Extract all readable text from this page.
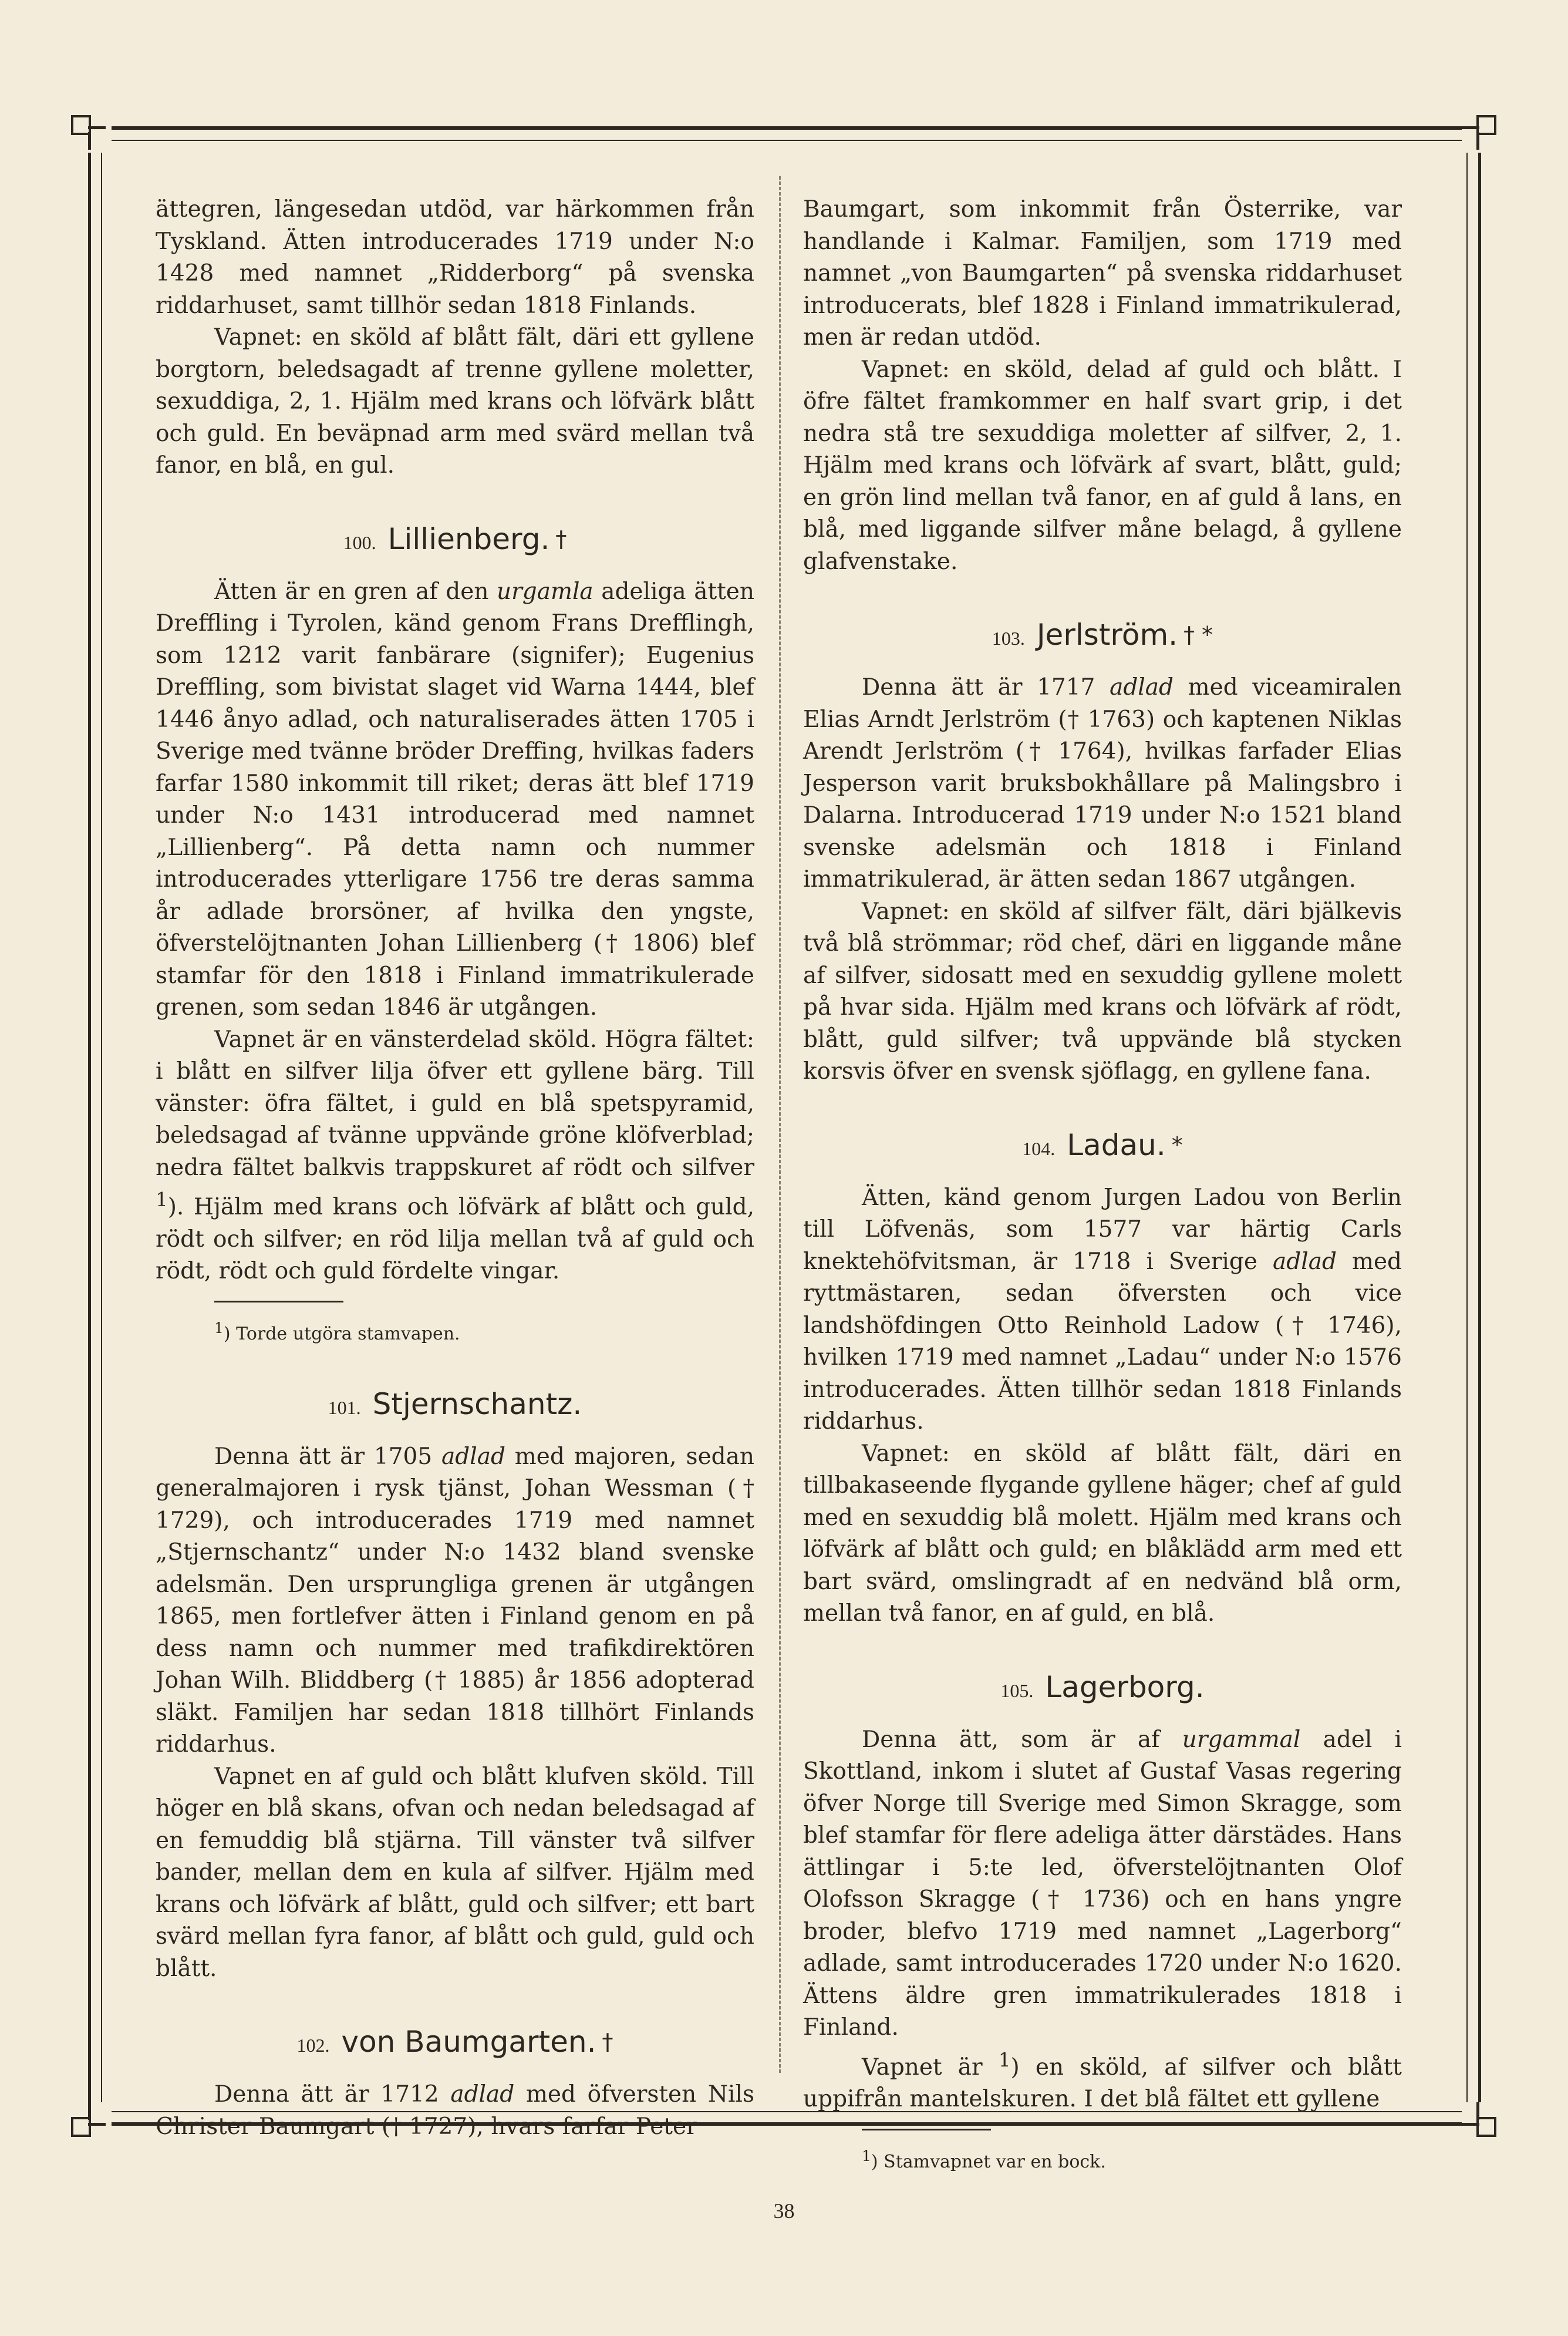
ättegren, längesedan utdöd, var härkommen från Tyskland. Ätten introducerades 1719 under N:o 1428 med namnet „Ridderborg“ på svenska riddarhuset, samt tillhör sedan 1818 Finlands.

Vapnet: en sköld af blått fält, däri ett gyllene borgtorn, beledsagadt af trenne gyllene moletter, sexuddiga, 2, 1. Hjälm med krans och löfvärk blått och guld. En beväpnad arm med svärd mellan två fanor, en blå, en gul.

100. Lillienberg. †

Ätten är en gren af den urgamla adeliga ätten Dreffling i Tyrolen, känd genom Frans Drefflingh, som 1212 varit fanbärare (signifer); Eugenius Dreffling, som bivistat slaget vid Warna 1444, blef 1446 ånyo adlad, och naturaliserades ätten 1705 i Sverige med tvänne bröder Dreffing, hvilkas faders farfar 1580 inkommit till riket; deras ätt blef 1719 under N:o 1431 introducerad med namnet „Lillienberg“. På detta namn och nummer introducerades ytterligare 1756 tre deras samma år adlade brorsöner, af hvilka den yngste, öfverstelöjtnanten Johan Lillienberg († 1806) blef stamfar för den 1818 i Finland immatrikulerade grenen, som sedan 1846 är utgången.

Vapnet är en vänsterdelad sköld. Högra fältet: i blått en silfver lilja öfver ett gyllene bärg. Till vänster: öfra fältet, i guld en blå spetspyramid, beledsagad af tvänne uppvände gröne klöfverblad; nedra fältet balkvis trappskuret af rödt och silfver $^1$). Hjälm med krans och löfvärk af blått och guld, rödt och silfver; en röd lilja mellan två af guld och rödt, rödt och guld fördelte vingar.

$^1$) Torde utgöra stamvapen.
101. Stjernschantz.

Denna ätt är 1705 adlad med majoren, sedan generalmajoren i rysk tjänst, Johan Wessman († 1729), och introducerades 1719 med namnet „Stjernschantz“ under N:o 1432 bland svenske adelsmän. Den ursprungliga grenen är utgången 1865, men fortlefver ätten i Finland genom en på dess namn och nummer med trafikdirektören Johan Wilh. Bliddberg († 1885) år 1856 adopterad släkt. Familjen har sedan 1818 tillhört Finlands riddarhus.

Vapnet en af guld och blått klufven sköld. Till höger en blå skans, ofvan och nedan beledsagad af en femuddig blå stjärna. Till vänster två silfver bander, mellan dem en kula af silfver. Hjälm med krans och löfvärk af blått, guld och silfver; ett bart svärd mellan fyra fanor, af blått och guld, guld och blått.

102. von Baumgarten. †

Denna ätt är 1712 adlad med öfversten Nils Christer Baumgart († 1727), hvars farfar Peter

Baumgart, som inkommit från Österrike, var handlande i Kalmar. Familjen, som 1719 med namnet „von Baumgarten“ på svenska riddarhuset introducerats, blef 1828 i Finland immatrikulerad, men är redan utdöd.

Vapnet: en sköld, delad af guld och blått. I öfre fältet framkommer en half svart grip, i det nedra stå tre sexuddiga moletter af silfver, 2, 1. Hjälm med krans och löfvärk af svart, blått, guld; en grön lind mellan två fanor, en af guld å lans, en blå, med liggande silfver måne belagd, å gyllene glafvenstake.

103. Jerlström. † *

Denna ätt är 1717 adlad med viceamiralen Elias Arndt Jerlström († 1763) och kaptenen Niklas Arendt Jerlström († 1764), hvilkas farfader Elias Jesperson varit bruksbokhållare på Malingsbro i Dalarna. Introducerad 1719 under N:o 1521 bland svenske adelsmän och 1818 i Finland immatrikulerad, är ätten sedan 1867 utgången.

Vapnet: en sköld af silfver fält, däri bjälkevis två blå strömmar; röd chef, däri en liggande måne af silfver, sidosatt med en sexuddig gyllene molett på hvar sida. Hjälm med krans och löfvärk af rödt, blått, guld silfver; två uppvände blå stycken korsvis öfver en svensk sjöflagg, en gyllene fana.

104. Ladau. *

Ätten, känd genom Jurgen Ladou von Berlin till Löfvenäs, som 1577 var härtig Carls knektehöfvitsman, är 1718 i Sverige adlad med ryttmästaren, sedan öfversten och vice landshöfdingen Otto Reinhold Ladow († 1746), hvilken 1719 med namnet „Ladau“ under N:o 1576 introducerades. Ätten tillhör sedan 1818 Finlands riddarhus.

Vapnet: en sköld af blått fält, däri en tillbakaseende flygande gyllene häger; chef af guld med en sexuddig blå molett. Hjälm med krans och löfvärk af blått och guld; en blåklädd arm med ett bart svärd, omslingradt af en nedvänd blå orm, mellan två fanor, en af guld, en blå.

105. Lagerborg.

Denna ätt, som är af urgammal adel i Skottland, inkom i slutet af Gustaf Vasas regering öfver Norge till Sverige med Simon Skragge, som blef stamfar för flere adeliga ätter därstädes. Hans ättlingar i 5:te led, öfverstelöjtnanten Olof Olofsson Skragge († 1736) och en hans yngre broder, blefvo 1719 med namnet „Lagerborg“ adlade, samt introducerades 1720 under N:o 1620. Ättens äldre gren immatrikulerades 1818 i Finland.

Vapnet är $^1$) en sköld, af silfver och blått uppifrån mantelskuren. I det blå fältet ett gyllene

$^1$) Stamvapnet var en bock.
38
